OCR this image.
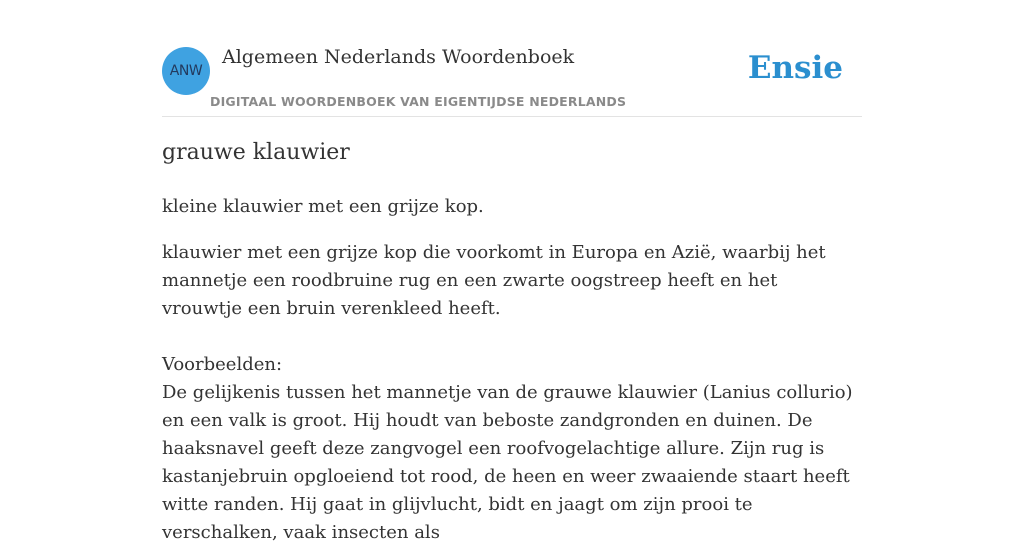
ANW
Algemeen Nederlands Woordenboek
DIGITAAL WOORDENBOEK VAN EIGENTIJDSE NEDERLANDS
Ensie
grauwe klauwier

kleine klauwier met een grijze kop.

klauwier met een grijze kop die voorkomt in Europa en Azië, waarbij het mannetje een roodbruine rug en een zwarte oogstreep heeft en het vrouwtje een bruin verenkleed heeft.

Voorbeelden:

De gelijkenis tussen het mannetje van de grauwe klauwier (Lanius collurio) en een valk is groot. Hij houdt van beboste zandgronden en duinen. De haaksnavel geeft deze zangvogel een roofvogelachtige allure. Zijn rug is kastanjebruin opgloeiend tot rood, de heen en weer zwaaiende staart heeft witte randen. Hij gaat in glijvlucht, bidt en jaagt om zijn prooi te verschalken, vaak insecten als
